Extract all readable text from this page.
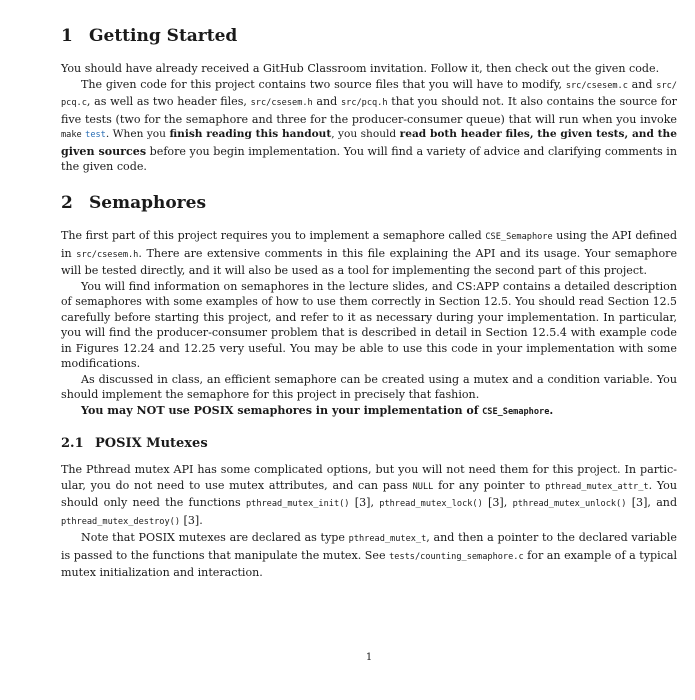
1 Getting Started
You should have already received a GitHub Classroom invitation. Follow it, then check out the given code.
The given code for this project contains two source files that you will have to modify, src/csesem.c and src/
pcq.c, as well as two header files, src/csesem.h and src/pcq.h that you should not. It also contains the source for
five tests (two for the semaphore and three for the producer-consumer queue) that will run when you invoke
make test. When you finish reading this handout, you should read both header files, the given tests, and the
given sources before you begin implementation. You will find a variety of advice and clarifying comments in
the given code.
2 Semaphores
The first part of this project requires you to implement a semaphore called CSE_Semaphore using the API defined
in src/csesem.h. There are extensive comments in this file explaining the API and its usage. Your semaphore
will be tested directly, and it will also be used as a tool for implementing the second part of this project.
You will find information on semaphores in the lecture slides, and CS:APP contains a detailed description
of semaphores with some examples of how to use them correctly in Section 12.5. You should read Section 12.5
carefully before starting this project, and refer to it as necessary during your implementation. In particular,
you will find the producer-consumer problem that is described in detail in Section 12.5.4 with example code
in Figures 12.24 and 12.25 very useful. You may be able to use this code in your implementation with some
modifications.
As discussed in class, an efficient semaphore can be created using a mutex and a condition variable. You
should implement the semaphore for this project in precisely that fashion.
You may NOT use POSIX semaphores in your implementation of CSE_Semaphore.
2.1 POSIX Mutexes
The Pthread mutex API has some complicated options, but you will not need them for this project. In partic-
ular, you do not need to use mutex attributes, and can pass NULL for any pointer to pthread_mutex_attr_t. You
should only need the functions pthread_mutex_init() [3], pthread_mutex_lock() [3], pthread_mutex_unlock() [3], and
pthread_mutex_destroy() [3].
Note that POSIX mutexes are declared as type pthread_mutex_t, and then a pointer to the declared variable
is passed to the functions that manipulate the mutex. See tests/counting_semaphore.c for an example of a typical
mutex initialization and interaction.
1
